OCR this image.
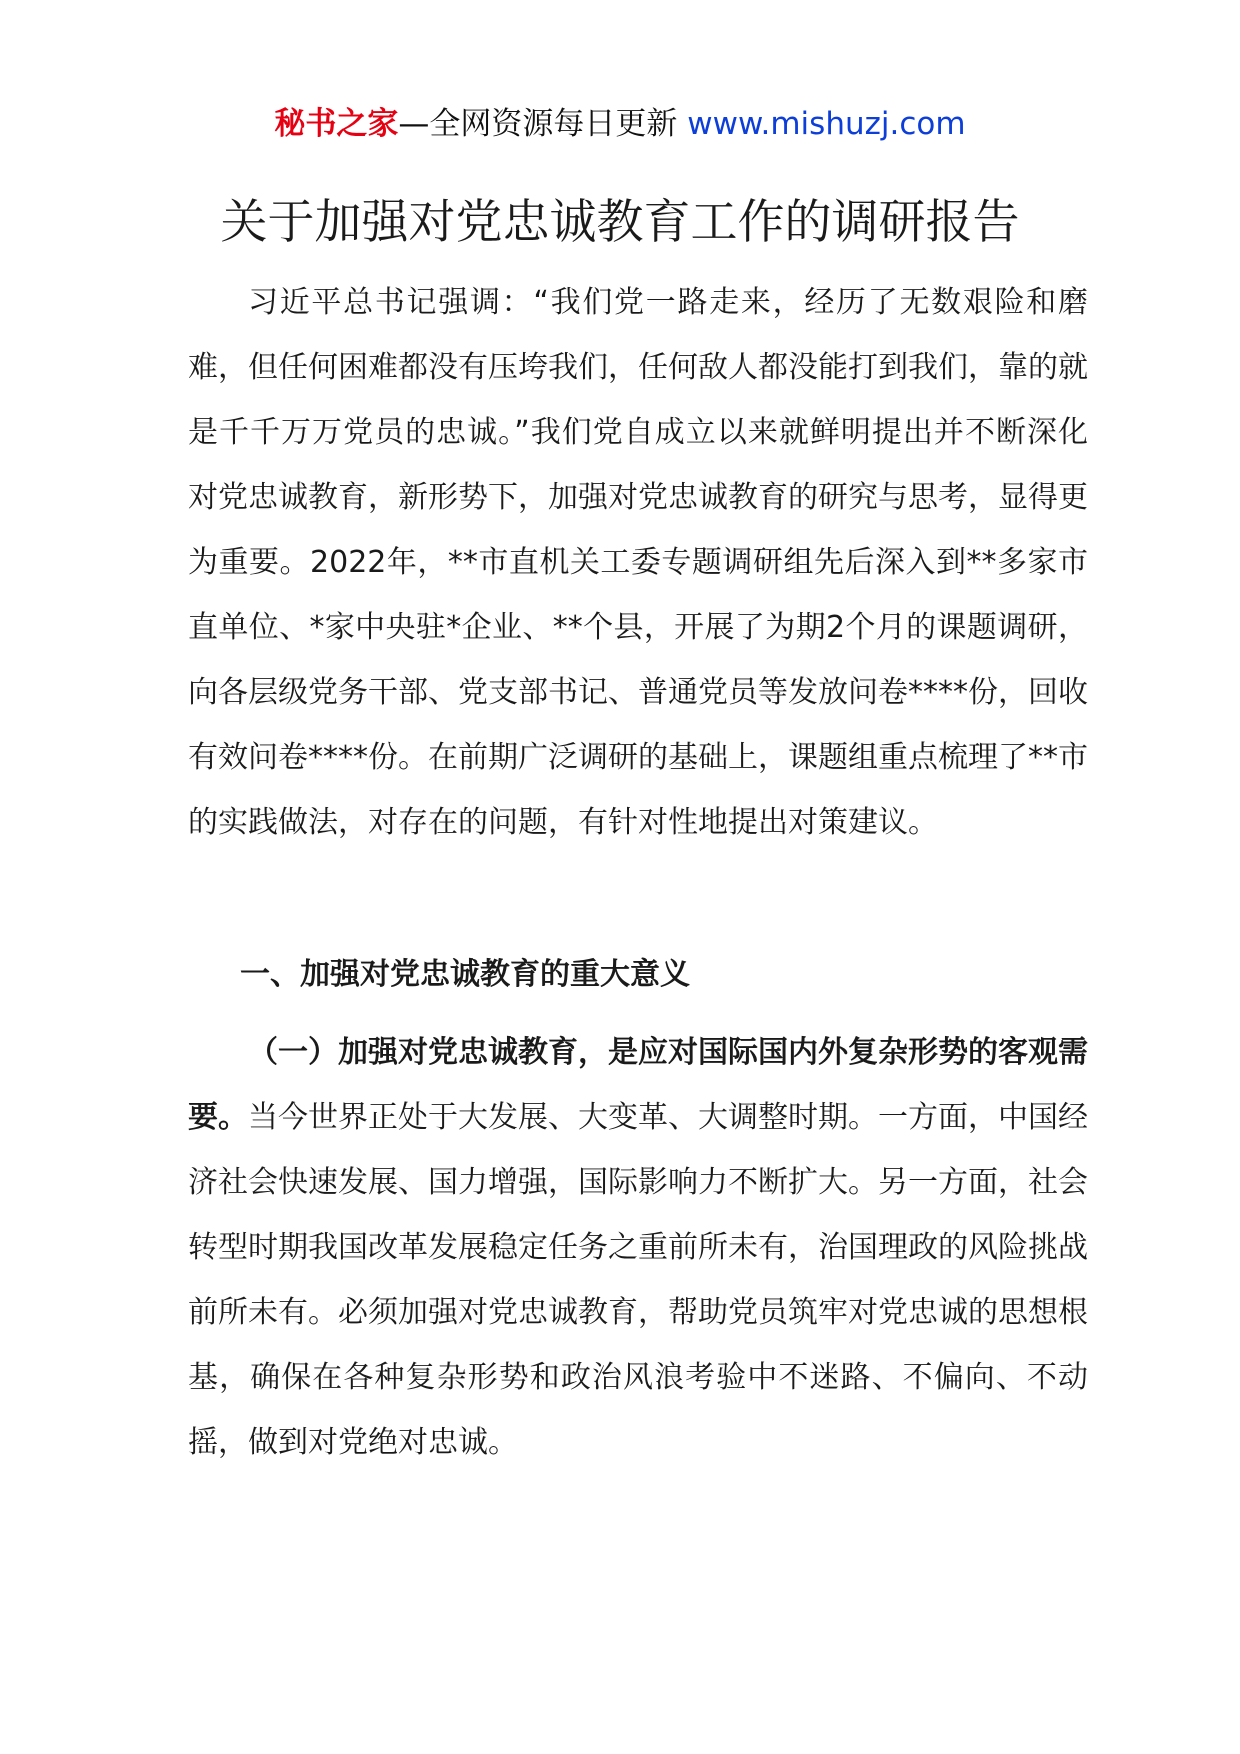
秘书之家—全网资源每日更新 www.mishuzj.com
关于加强对党忠诚教育工作的调研报告

习近平总书记强调：“我们党一路走来，经历了无数艰险和磨难，但任何困难都没有压垮我们，任何敌人都没能打到我们，靠的就是千千万万党员的忠诚。”我们党自成立以来就鲜明提出并不断深化对党忠诚教育，新形势下，加强对党忠诚教育的研究与思考，显得更为重要。2022年，**市直机关工委专题调研组先后深入到**多家市直单位、*家中央驻*企业、**个县，开展了为期2个月的课题调研，向各层级党务干部、党支部书记、普通党员等发放问卷****份，回收有效问卷****份。在前期广泛调研的基础上，课题组重点梳理了**市的实践做法，对存在的问题，有针对性地提出对策建议。

一、加强对党忠诚教育的重大意义

（一）加强对党忠诚教育，是应对国际国内外复杂形势的客观需要。当今世界正处于大发展、大变革、大调整时期。一方面，中国经济社会快速发展、国力增强，国际影响力不断扩大。另一方面，社会转型时期我国改革发展稳定任务之重前所未有，治国理政的风险挑战前所未有。必须加强对党忠诚教育，帮助党员筑牢对党忠诚的思想根基，确保在各种复杂形势和政治风浪考验中不迷路、不偏向、不动摇，做到对党绝对忠诚。
